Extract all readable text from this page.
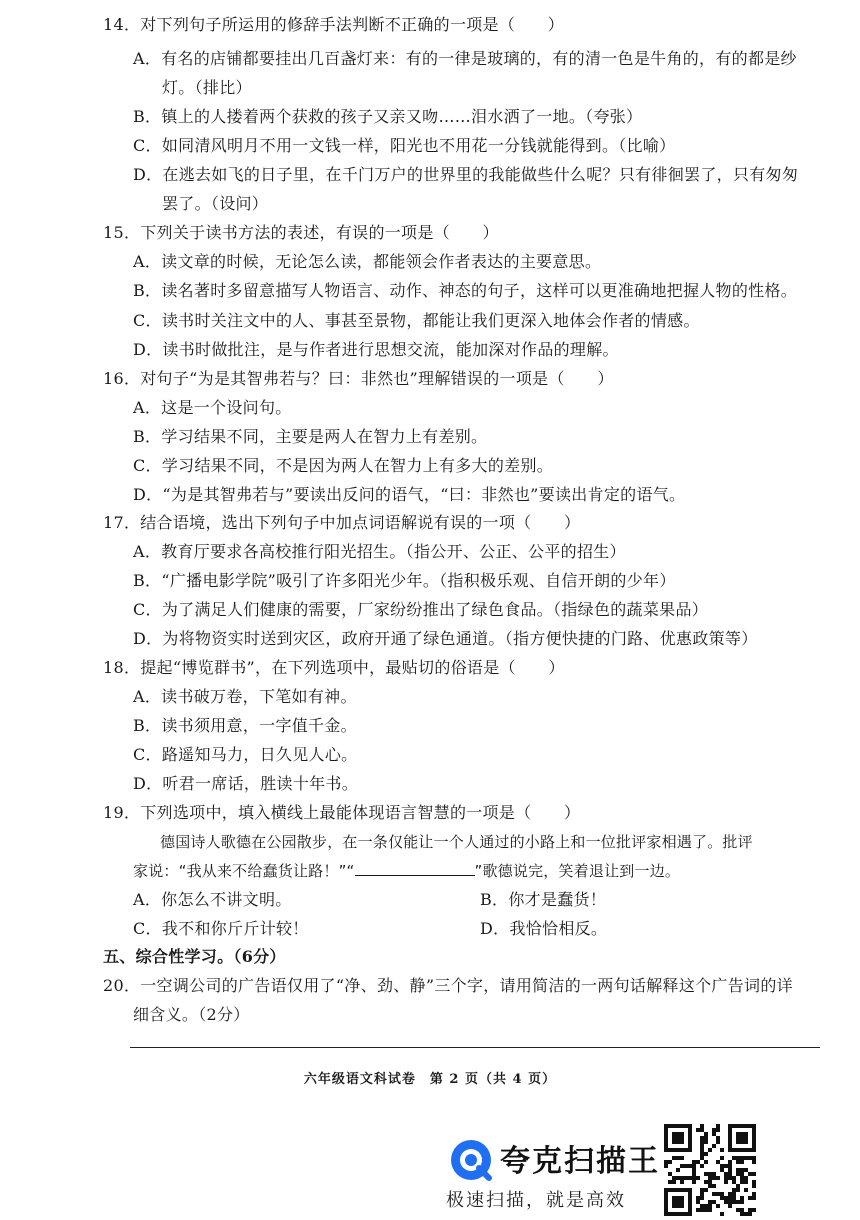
14．对下列句子所运用的修辞手法判断不正确的一项是（　　）
A．有名的店铺都要挂出几百盏灯来：有的一律是玻璃的，有的清一色是牛角的，有的都是纱
灯。（排比）
B．镇上的人搂着两个获救的孩子又亲又吻……泪水洒了一地。（夸张）
C．如同清风明月不用一文钱一样，阳光也不用花一分钱就能得到。（比喻）
D．在逃去如飞的日子里，在千门万户的世界里的我能做些什么呢？只有徘徊罢了，只有匆匆
罢了。（设问）
15．下列关于读书方法的表述，有误的一项是（　　）
A．读文章的时候，无论怎么读，都能领会作者表达的主要意思。
B．读名著时多留意描写人物语言、动作、神态的句子，这样可以更准确地把握人物的性格。
C．读书时关注文中的人、事甚至景物，都能让我们更深入地体会作者的情感。
D．读书时做批注，是与作者进行思想交流，能加深对作品的理解。
16．对句子“为是其智弗若与？曰：非然也”理解错误的一项是（　　）
A．这是一个设问句。
B．学习结果不同，主要是两人在智力上有差别。
C．学习结果不同，不是因为两人在智力上有多大的差别。
D．“为是其智弗若与”要读出反问的语气，“曰：非然也”要读出肯定的语气。
17．结合语境，选出下列句子中加点词语解说有误的一项（　　）
A．教育厅要求各高校推行阳光招生。（指公开、公正、公平的招生）
B．“广播电影学院”吸引了许多阳光少年。（指积极乐观、自信开朗的少年）
C．为了满足人们健康的需要，厂家纷纷推出了绿色食品。（指绿色的蔬菜果品）
D．为将物资实时送到灾区，政府开通了绿色通道。（指方便快捷的门路、优惠政策等）
18．提起“博览群书”，在下列选项中，最贴切的俗语是（　　）
A．读书破万卷，下笔如有神。
B．读书须用意，一字值千金。
C．路遥知马力，日久见人心。
D．听君一席话，胜读十年书。
19．下列选项中，填入横线上最能体现语言智慧的一项是（　　）
德国诗人歌德在公园散步，在一条仅能让一个人通过的小路上和一位批评家相遇了。批评
家说：“我从来不给蠢货让路！”“	”歌德说完，笑着退让到一边。
A．你怎么不讲文明。	B．你才是蠢货！
C．我不和你斤斤计较！	D．我恰恰相反。
五、综合性学习。（6分）
20．一空调公司的广告语仅用了“净、劲、静”三个字，请用简洁的一两句话解释这个广告词的详
细含义。（2分）
六年级语文科试卷　第 2 页（共 4 页）
夸克扫描王
极速扫描，就是高效
